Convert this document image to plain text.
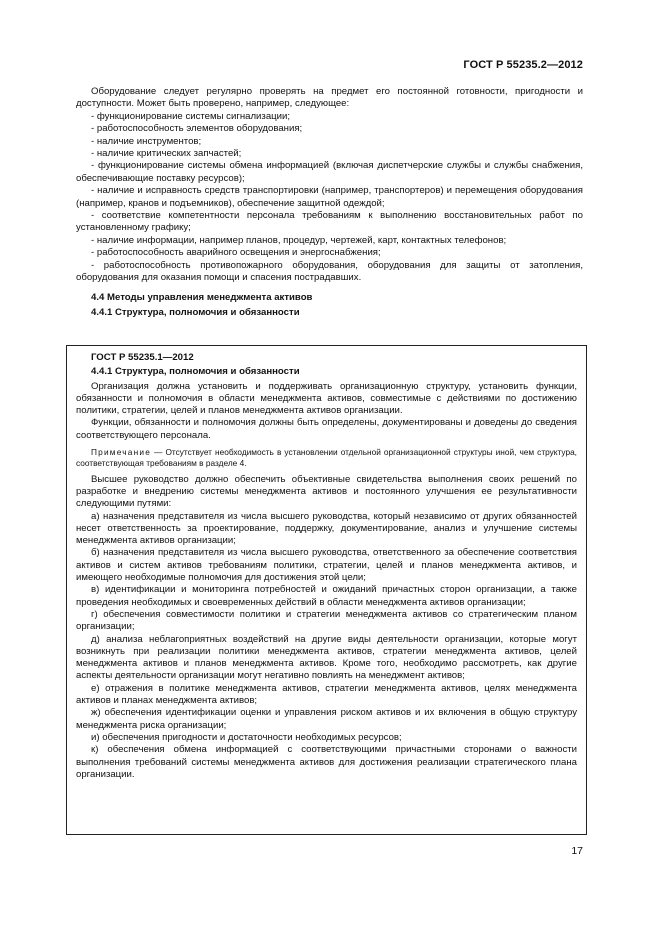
ГОСТ Р 55235.2—2012

Оборудование следует регулярно проверять на предмет его постоянной готовности, пригодности и доступности. Может быть проверено, например, следующее:

- функционирование системы сигнализации;

- работоспособность элементов оборудования;

- наличие инструментов;

- наличие критических запчастей;

- функционирование системы обмена информацией (включая диспетчерские службы и службы снабжения, обеспечивающие поставку ресурсов);

- наличие и исправность средств транспортировки (например, транспортеров) и перемещения оборудования (например, кранов и подъемников), обеспечение защитной одеждой;

- соответствие компетентности персонала требованиям к выполнению восстановительных работ по установленному графику;

- наличие информации, например планов, процедур, чертежей, карт, контактных телефонов;

- работоспособность аварийного освещения и энергоснабжения;

- работоспособность противопожарного оборудования, оборудования для защиты от затопления, оборудования для оказания помощи и спасения пострадавших.

4.4 Методы управления менеджмента активов

4.4.1 Структура, полномочия и обязанности

ГОСТ Р 55235.1—2012

4.4.1 Структура, полномочия и обязанности

Организация должна установить и поддерживать организационную структуру, установить функции, обязанности и полномочия в области менеджмента активов, совместимые с действиями по достижению политики, стратегии, целей и планов менеджмента активов организации.

Функции, обязанности и полномочия должны быть определены, документированы и доведены до сведения соответствующего персонала.

Примечание — Отсутствует необходимость в установлении отдельной организационной структуры иной, чем структура, соответствующая требованиям в разделе 4.

Высшее руководство должно обеспечить объективные свидетельства выполнения своих решений по разработке и внедрению системы менеджмента активов и постоянного улучшения ее результативности следующими путями:

а) назначения представителя из числа высшего руководства, который независимо от других обязанностей несет ответственность за проектирование, поддержку, документирование, анализ и улучшение системы менеджмента активов организации;

б) назначения представителя из числа высшего руководства, ответственного за обеспечение соответствия активов и систем активов требованиям политики, стратегии, целей и планов менеджмента активов, и имеющего необходимые полномочия для достижения этой цели;

в) идентификации и мониторинга потребностей и ожиданий причастных сторон организации, а также проведения необходимых и своевременных действий в области менеджмента активов организации;

г) обеспечения совместимости политики и стратегии менеджмента активов со стратегическим планом организации;

д) анализа неблагоприятных воздействий на другие виды деятельности организации, которые могут возникнуть при реализации политики менеджмента активов, стратегии менеджмента активов, целей менеджмента активов и планов менеджмента активов. Кроме того, необходимо рассмотреть, как другие аспекты деятельности организации могут негативно повлиять на менеджмент активов;

е) отражения в политике менеджмента активов, стратегии менеджмента активов, целях менеджмента активов и планах менеджмента активов;

ж) обеспечения идентификации оценки и управления риском активов и их включения в общую структуру менеджмента риска организации;

и) обеспечения пригодности и достаточности необходимых ресурсов;

к) обеспечения обмена информацией с соответствующими причастными сторонами о важности выполнения требований системы менеджмента активов для достижения реализации стратегического плана организации.

17
